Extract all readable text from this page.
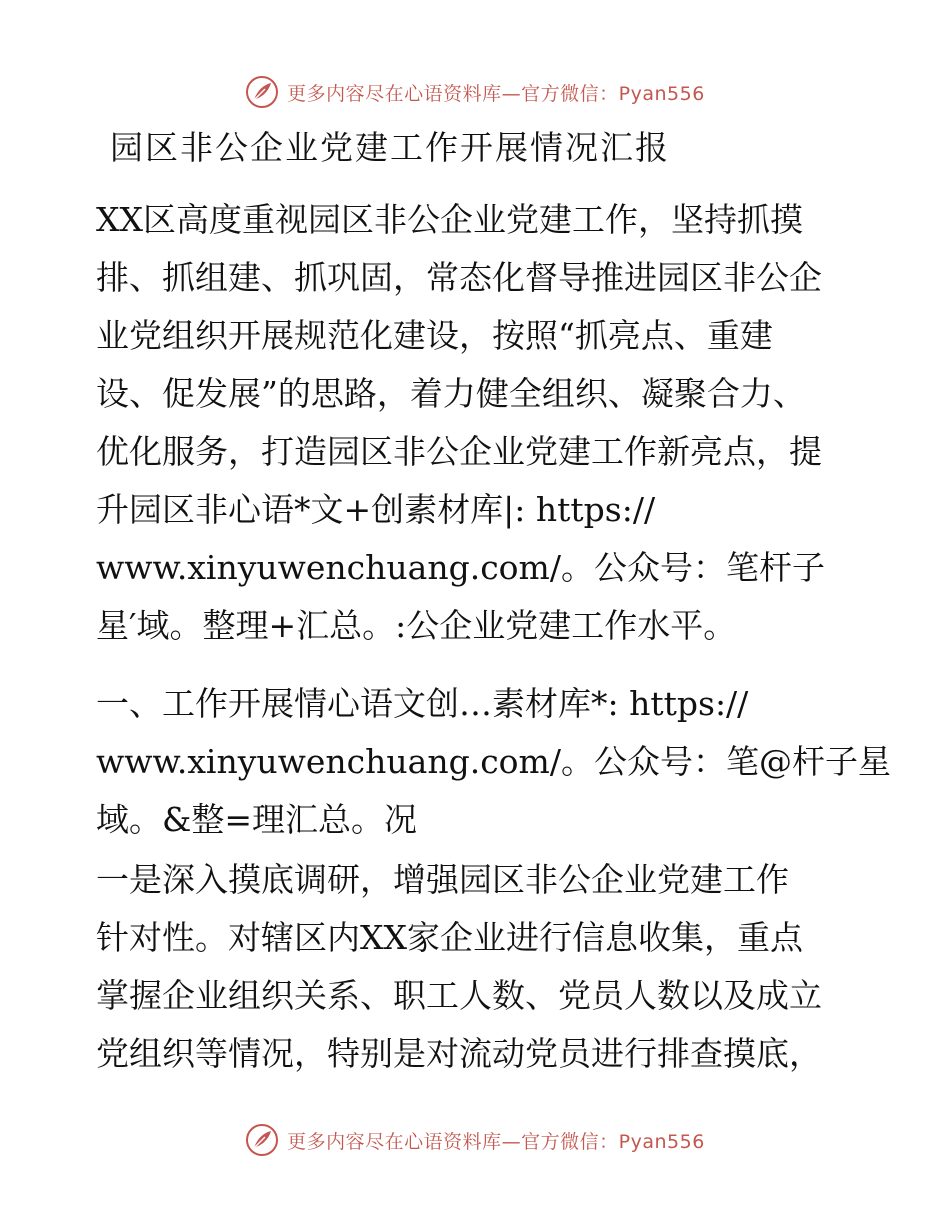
更多内容尽在心语资料库—官方微信：Pyan556
园区非公企业党建工作开展情况汇报
XX区高度重视园区非公企业党建工作，坚持抓摸
排、抓组建、抓巩固，常态化督导推进园区非公企
业党组织开展规范化建设，按照“抓亮点、重建
设、促发展”的思路，着力健全组织、凝聚合力、
优化服务，打造园区非公企业党建工作新亮点，提
升园区非心语*文+创素材库|: https://
www.xinyuwenchuang.com/。公众号：笔杆子
星′域。整理+汇总。:公企业党建工作水平。
一、工作开展情心语文创…素材库*: https://
www.xinyuwenchuang.com/。公众号：笔@杆子星
域。&整=理汇总。况
一是深入摸底调研，增强园区非公企业党建工作
针对性。对辖区内XX家企业进行信息收集，重点
掌握企业组织关系、职工人数、党员人数以及成立
党组织等情况，特别是对流动党员进行排查摸底，
更多内容尽在心语资料库—官方微信：Pyan556
